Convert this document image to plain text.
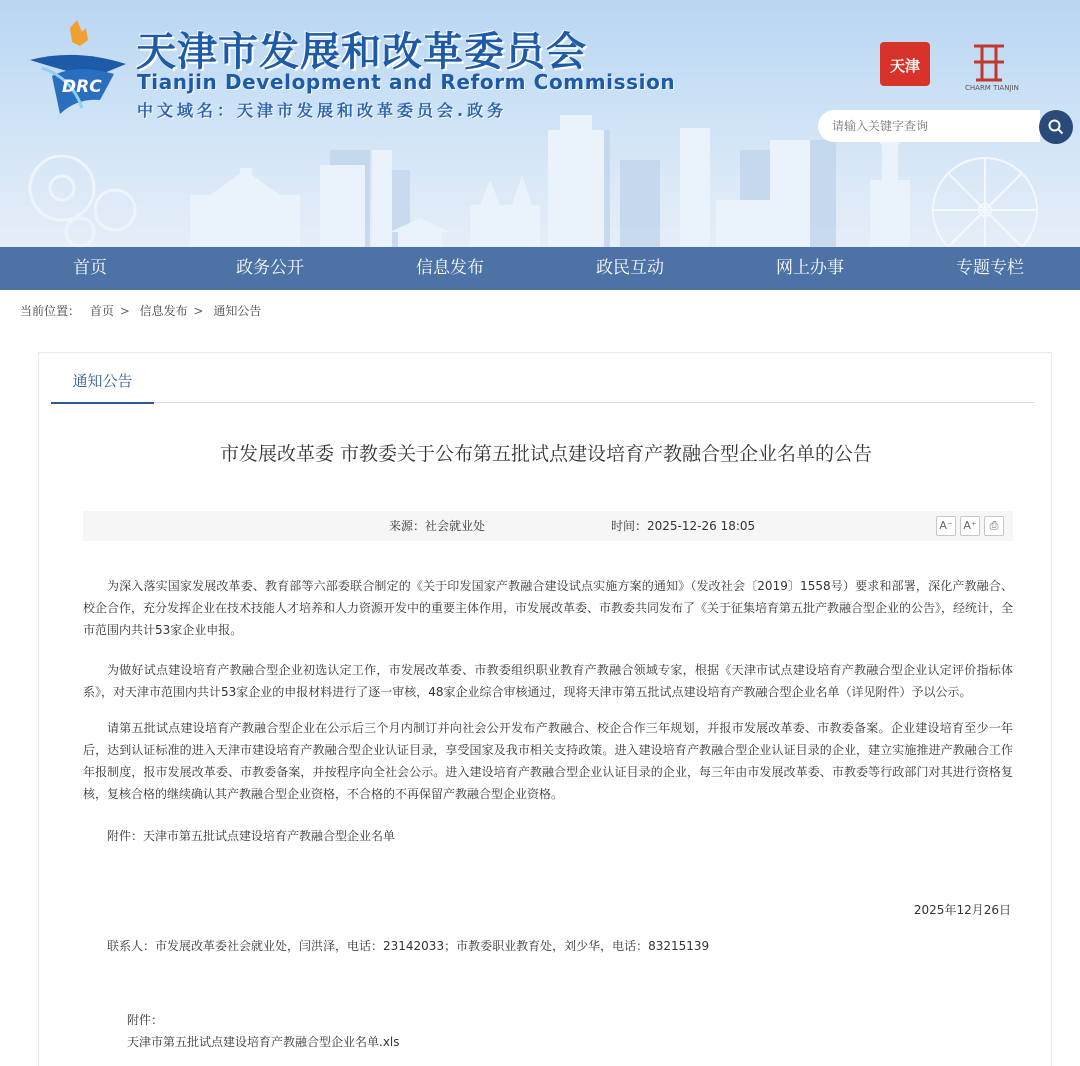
DRC
天津市发展和改革委员会
Tianjin Development and Reform Commission
中文域名：天津市发展和改革委员会.政务
天津
CHARM TIANJIN
请输入关键字查询
首页	政务公开	信息发布	政民互动	网上办事	专题专栏
当前位置： 首页 > 信息发布 > 通知公告
通知公告
市发展改革委 市教委关于公布第五批试点建设培育产教融合型企业名单的公告
来源：社会就业处	时间：2025-12-26 18:05	A⁻ A⁺	⎙

为深入落实国家发展改革委、教育部等六部委联合制定的《关于印发国家产教融合建设试点实施方案的通知》（发改社会〔2019〕1558号）要求和部署，深化产教融合、校企合作，充分发挥企业在技术技能人才培养和人力资源开发中的重要主体作用，市发展改革委、市教委共同发布了《关于征集培育第五批产教融合型企业的公告》，经统计，全市范围内共计53家企业申报。

为做好试点建设培育产教融合型企业初选认定工作，市发展改革委、市教委组织职业教育产教融合领域专家，根据《天津市试点建设培育产教融合型企业认定评价指标体系》，对天津市范围内共计53家企业的申报材料进行了逐一审核，48家企业综合审核通过，现将天津市第五批试点建设培育产教融合型企业名单（详见附件）予以公示。

请第五批试点建设培育产教融合型企业在公示后三个月内制订并向社会公开发布产教融合、校企合作三年规划，并报市发展改革委、市教委备案。企业建设培育至少一年后，达到认证标准的进入天津市建设培育产教融合型企业认证目录，享受国家及我市相关支持政策。进入建设培育产教融合型企业认证目录的企业，建立实施推进产教融合工作年报制度，报市发展改革委、市教委备案，并按程序向全社会公示。进入建设培育产教融合型企业认证目录的企业，每三年由市发展改革委、市教委等行政部门对其进行资格复核，复核合格的继续确认其产教融合型企业资格，不合格的不再保留产教融合型企业资格。

附件：天津市第五批试点建设培育产教融合型企业名单

2025年12月26日
联系人：市发展改革委社会就业处，闫洪泽，电话：23142033；市教委职业教育处，刘少华，电话：83215139
附件：
天津市第五批试点建设培育产教融合型企业名单.xls
